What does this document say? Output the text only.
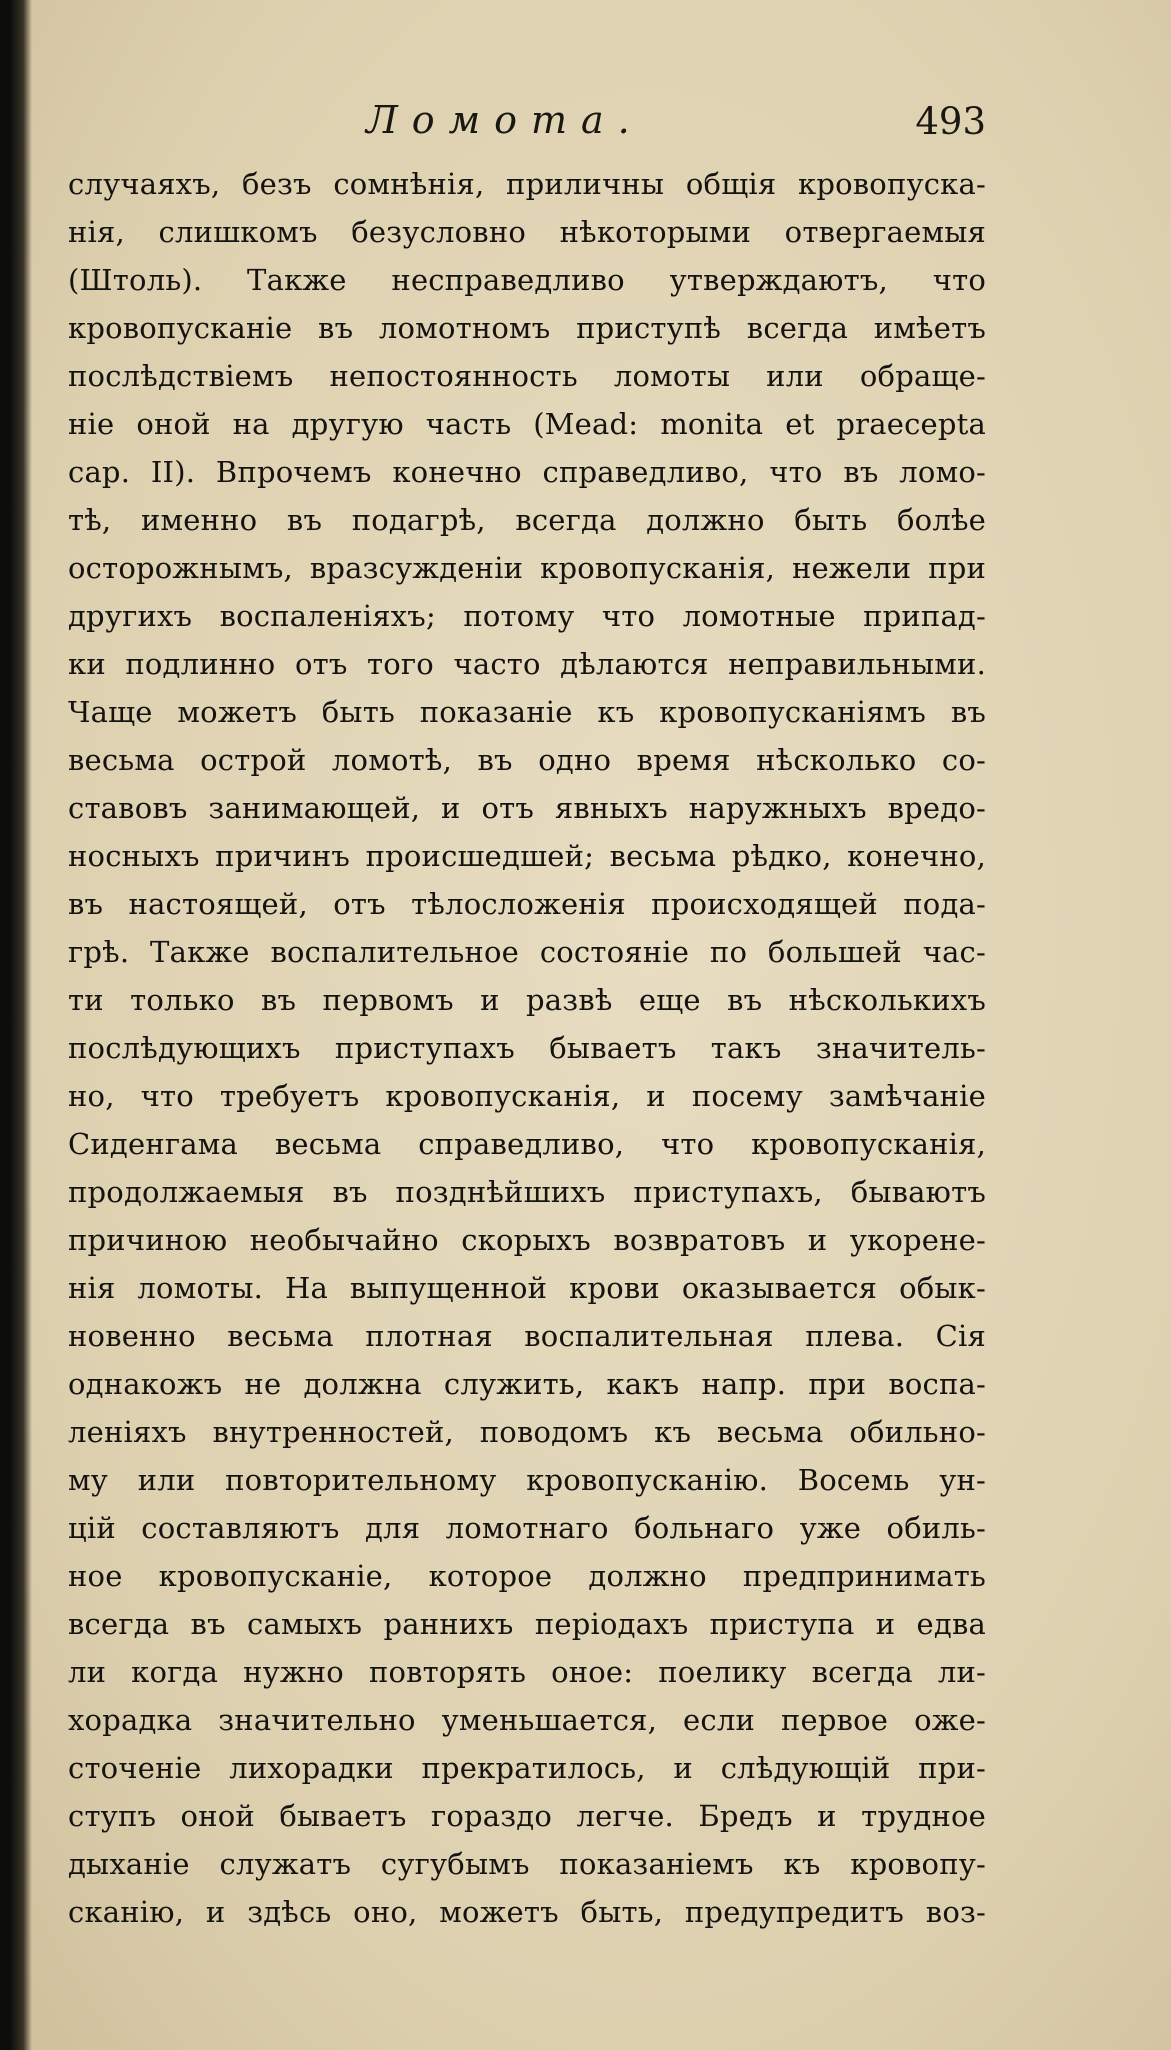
Ломота.	493
случаяхъ, безъ сомнѣнія, приличны общія кровопуска-
нія, слишкомъ безусловно нѣкоторыми отвергаемыя
(Штоль). Также несправедливо утверждаютъ, что
кровопусканіе въ ломотномъ приступѣ всегда имѣетъ
послѣдствіемъ непостоянность ломоты или обраще-
ніе оной на другую часть (Mead: monita et praecepta
cap. II). Впрочемъ конечно справедливо, что въ ломо-
тѣ, именно въ подагрѣ, всегда должно быть болѣе
осторожнымъ, вразсужденіи кровопусканія, нежели при
другихъ воспаленіяхъ; потому что ломотные припад-
ки подлинно отъ того часто дѣлаются неправильными.
Чаще можетъ быть показаніе къ кровопусканіямъ въ
весьма острой ломотѣ, въ одно время нѣсколько со-
ставовъ занимающей, и отъ явныхъ наружныхъ вредо-
носныхъ причинъ происшедшей; весьма рѣдко, конечно,
въ настоящей, отъ тѣлосложенія происходящей пода-
грѣ. Также воспалительное состояніе по большей час-
ти только въ первомъ и развѣ еще въ нѣсколькихъ
послѣдующихъ приступахъ бываетъ такъ значитель-
но, что требуетъ кровопусканія, и посему замѣчаніе
Сиденгама весьма справедливо, что кровопусканія,
продолжаемыя въ позднѣйшихъ приступахъ, бываютъ
причиною необычайно скорыхъ возвратовъ и укорене-
нія ломоты. На выпущенной крови оказывается обык-
новенно весьма плотная воспалительная плева. Сія
однакожъ не должна служить, какъ напр. при воспа-
леніяхъ внутренностей, поводомъ къ весьма обильно-
му или повторительному кровопусканію. Восемь ун-
цій составляютъ для ломотнаго больнаго уже обиль-
ное кровопусканіе, которое должно предпринимать
всегда въ самыхъ раннихъ періодахъ приступа и едва
ли когда нужно повторять оное: поелику всегда ли-
хорадка значительно уменьшается, если первое оже-
сточеніе лихорадки прекратилось, и слѣдующій при-
ступъ оной бываетъ гораздо легче. Бредъ и трудное
дыханіе служатъ сугубымъ показаніемъ къ кровопу-
сканію, и здѣсь оно, можетъ быть, предупредитъ воз-
